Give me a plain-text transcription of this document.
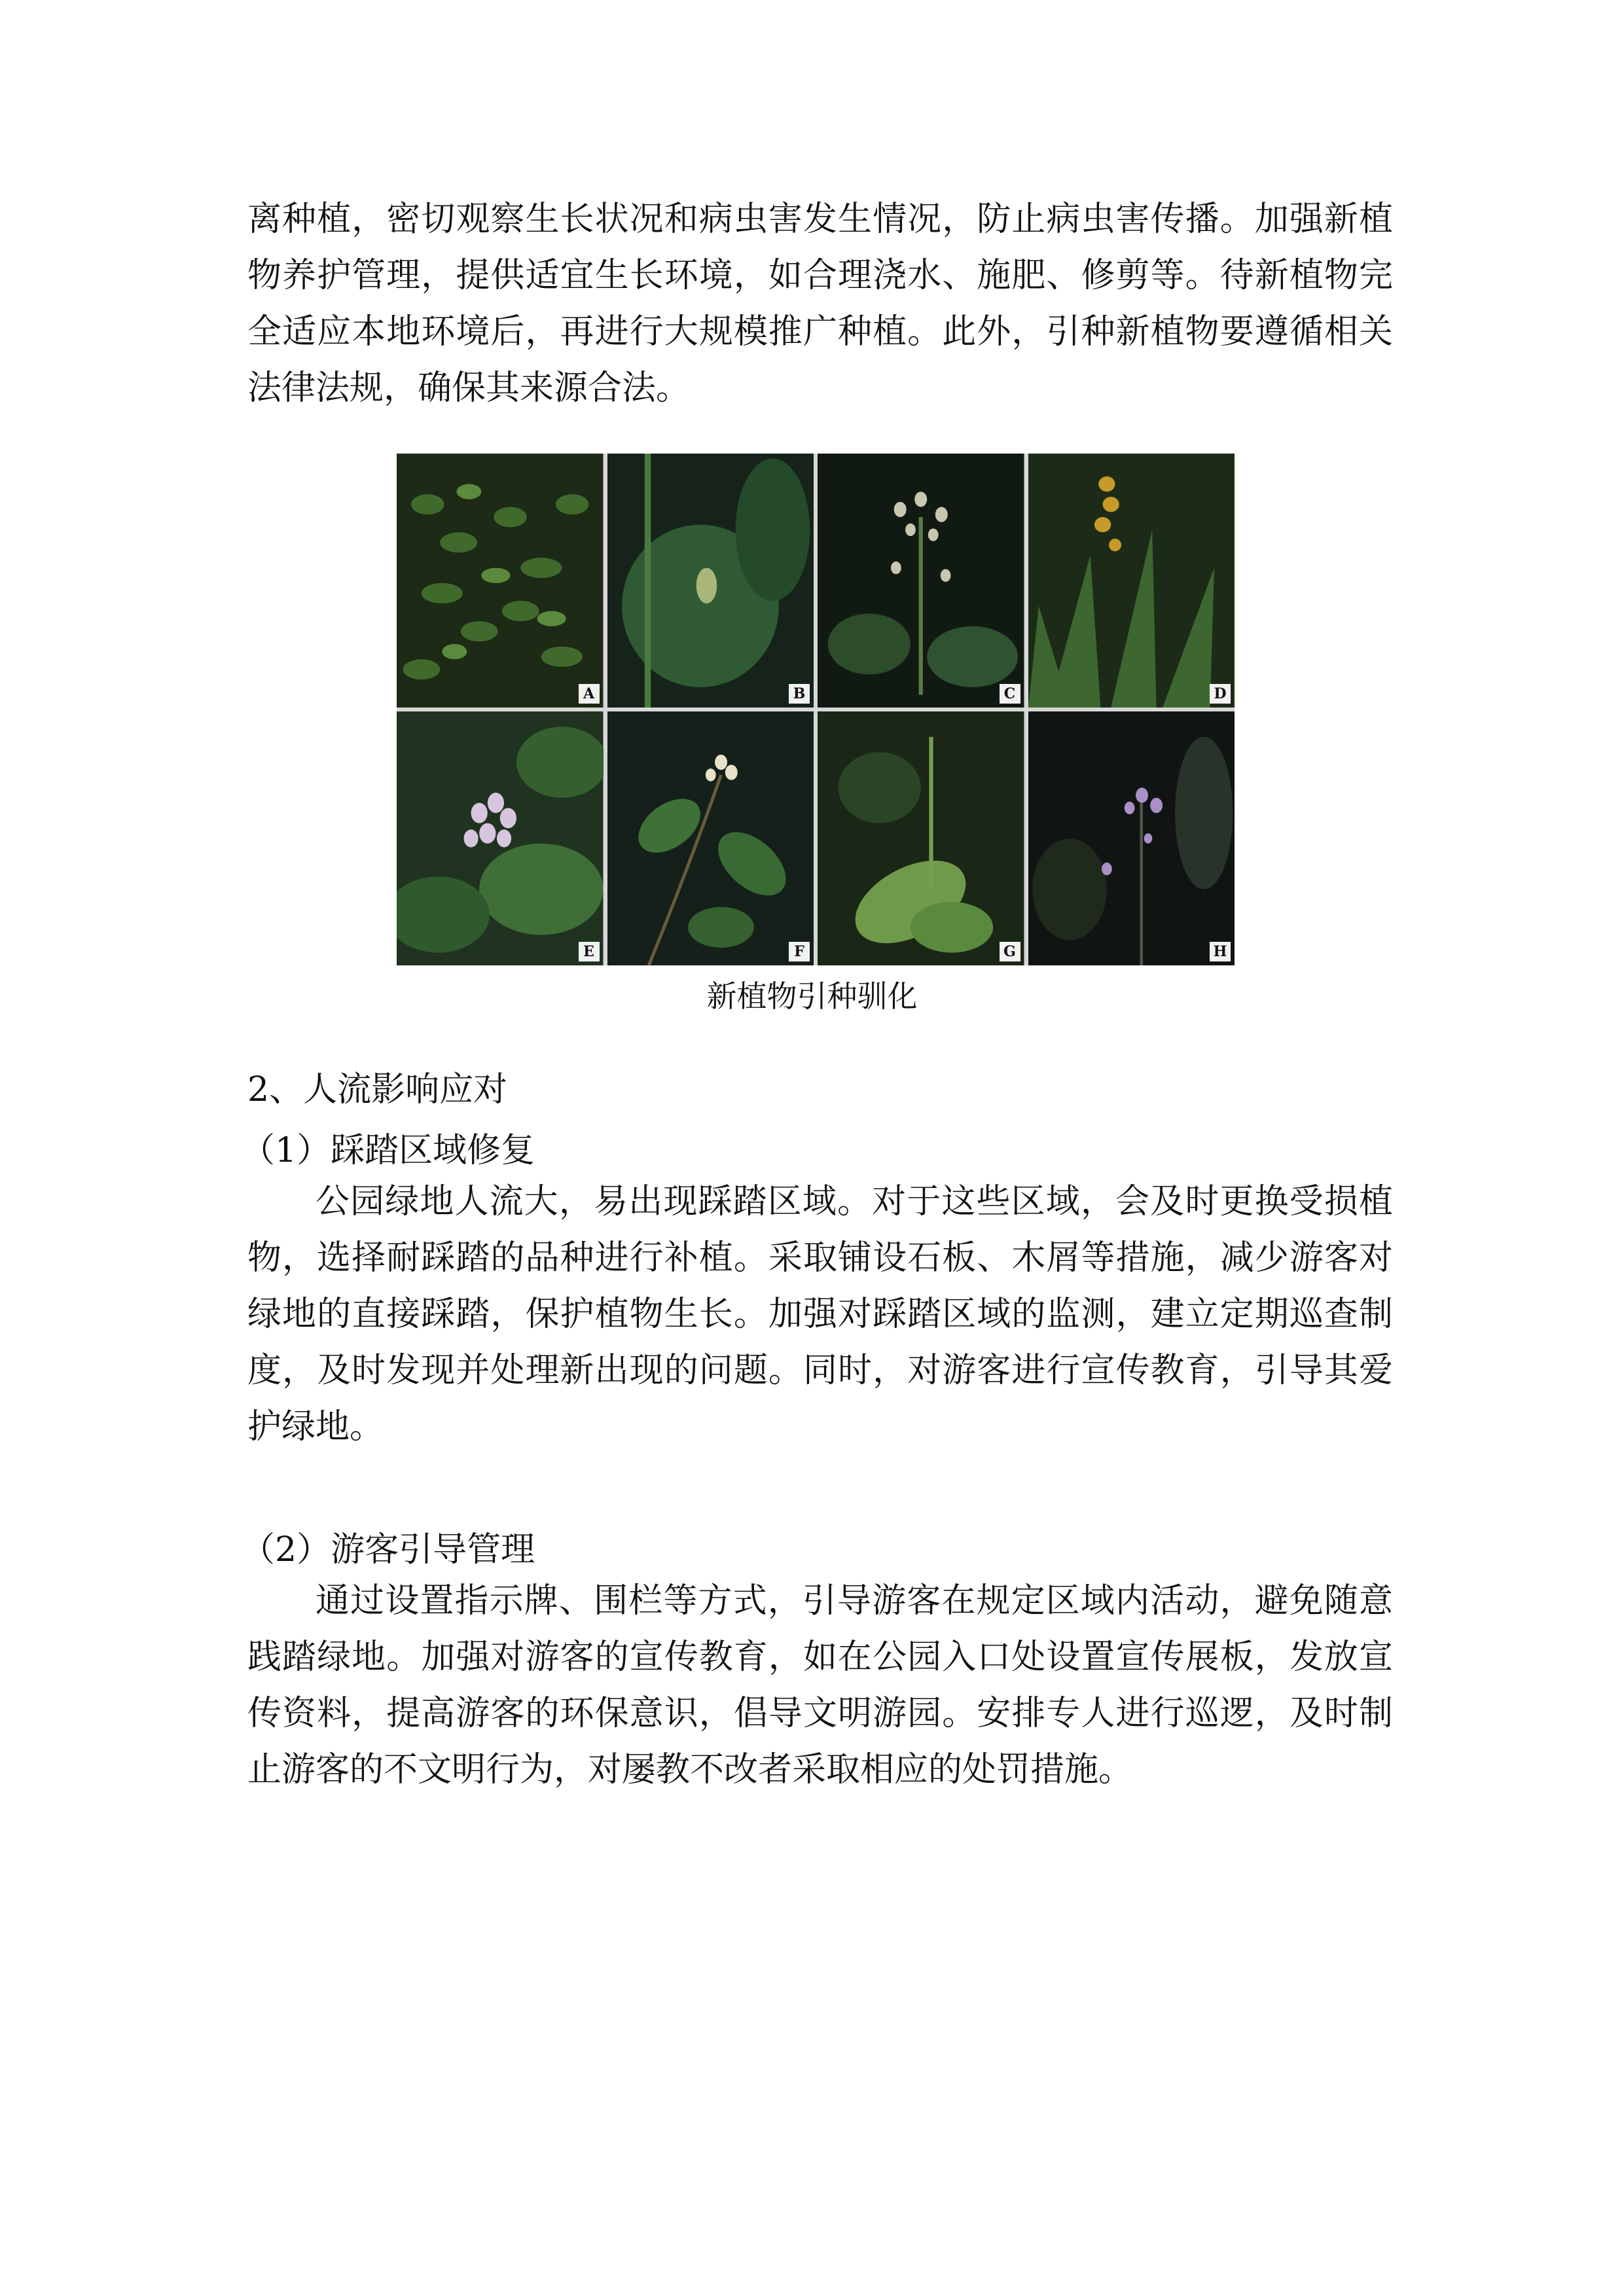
离种植，密切观察生长状况和病虫害发生情况，防止病虫害传播。加强新植物养护管理，提供适宜生长环境，如合理浇水、施肥、修剪等。待新植物完全适应本地环境后，再进行大规模推广种植。此外，引种新植物要遵循相关法律法规，确保其来源合法。

A	B	C	D
E	F	G	H

新植物引种驯化

2、人流影响应对

（1）踩踏区域修复

公园绿地人流大，易出现踩踏区域。对于这些区域，会及时更换受损植物，选择耐踩踏的品种进行补植。采取铺设石板、木屑等措施，减少游客对绿地的直接踩踏，保护植物生长。加强对踩踏区域的监测，建立定期巡查制度，及时发现并处理新出现的问题。同时，对游客进行宣传教育，引导其爱护绿地。

（2）游客引导管理

通过设置指示牌、围栏等方式，引导游客在规定区域内活动，避免随意践踏绿地。加强对游客的宣传教育，如在公园入口处设置宣传展板，发放宣传资料，提高游客的环保意识，倡导文明游园。安排专人进行巡逻，及时制止游客的不文明行为，对屡教不改者采取相应的处罚措施。
